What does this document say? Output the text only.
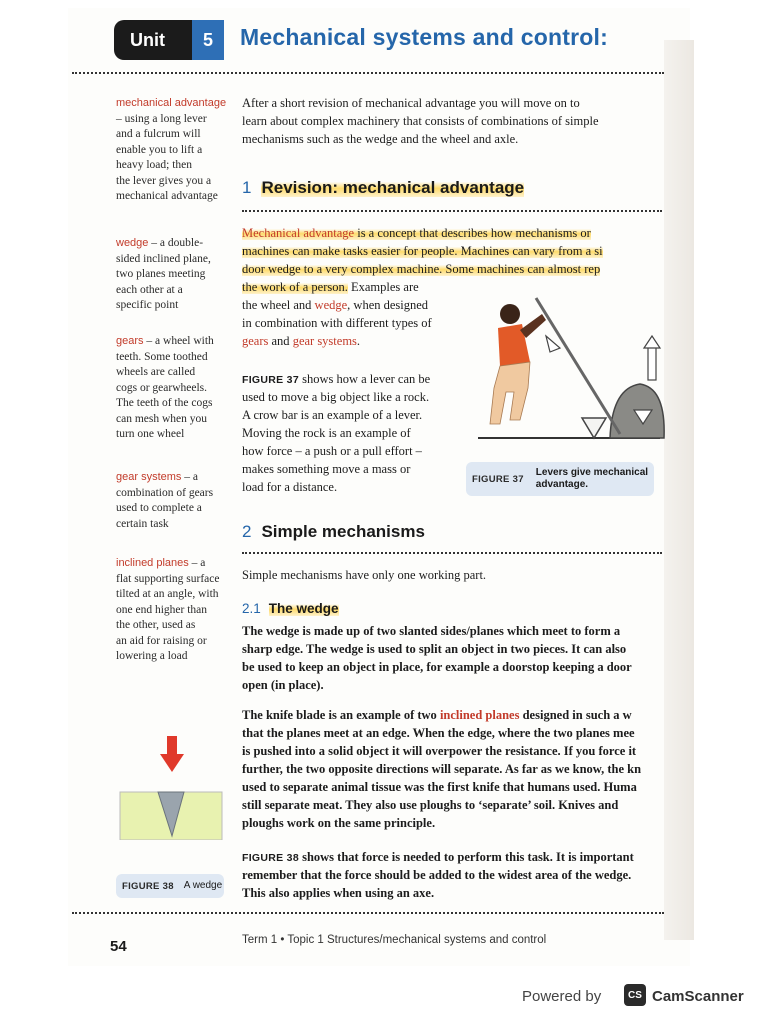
Unit	5	Mechanical systems and control:
mechanical advantage
– using a long lever
and a fulcrum will
enable you to lift a
heavy load; then
the lever gives you a
mechanical advantage
wedge – a double-
sided inclined plane,
two planes meeting
each other at a
specific point
gears – a wheel with
teeth. Some toothed
wheels are called
cogs or gearwheels.
The teeth of the cogs
can mesh when you
turn one wheel
gear systems – a
combination of gears
used to complete a
certain task
inclined planes – a
flat supporting surface
tilted at an angle, with
one end higher than
the other, used as
an aid for raising or
lowering a load
FIGURE 38 A wedge
After a short revision of mechanical advantage you will move on to
learn about complex machinery that consists of combinations of simple
mechanisms such as the wedge and the wheel and axle.
1 Revision: mechanical advantage
Mechanical advantage is a concept that describes how mechanisms or
machines can make tasks easier for people. Machines can vary from a si
door wedge to a very complex machine. Some machines can almost rep
the work of a person. Examples are
the wheel and wedge, when designed
in combination with different types of
gears and gear systems.
FIGURE 37 shows how a lever can be
used to move a big object like a rock.
A crow bar is an example of a lever.
Moving the rock is an example of
how force – a push or a pull effort –
makes something move a mass or
load for a distance.
FIGURE 37
Levers give mechanical
advantage.
2 Simple mechanisms
Simple mechanisms have only one working part.
2.1 The wedge
The wedge is made up of two slanted sides/planes which meet to form a
sharp edge. The wedge is used to split an object in two pieces. It can also
be used to keep an object in place, for example a doorstop keeping a door
open (in place).
The knife blade is an example of two inclined planes designed in such a w
that the planes meet at an edge. When the edge, where the two planes mee
is pushed into a solid object it will overpower the resistance. If you force it
further, the two opposite directions will separate. As far as we know, the kn
used to separate animal tissue was the first knife that humans used. Huma
still separate meat. They also use ploughs to ‘separate’ soil. Knives and
ploughs work on the same principle.
FIGURE 38 shows that force is needed to perform this task. It is important
remember that the force should be added to the widest area of the wedge.
This also applies when using an axe.
54	Term 1 • Topic 1 Structures/mechanical systems and control
Powered by	CS CamScanner
